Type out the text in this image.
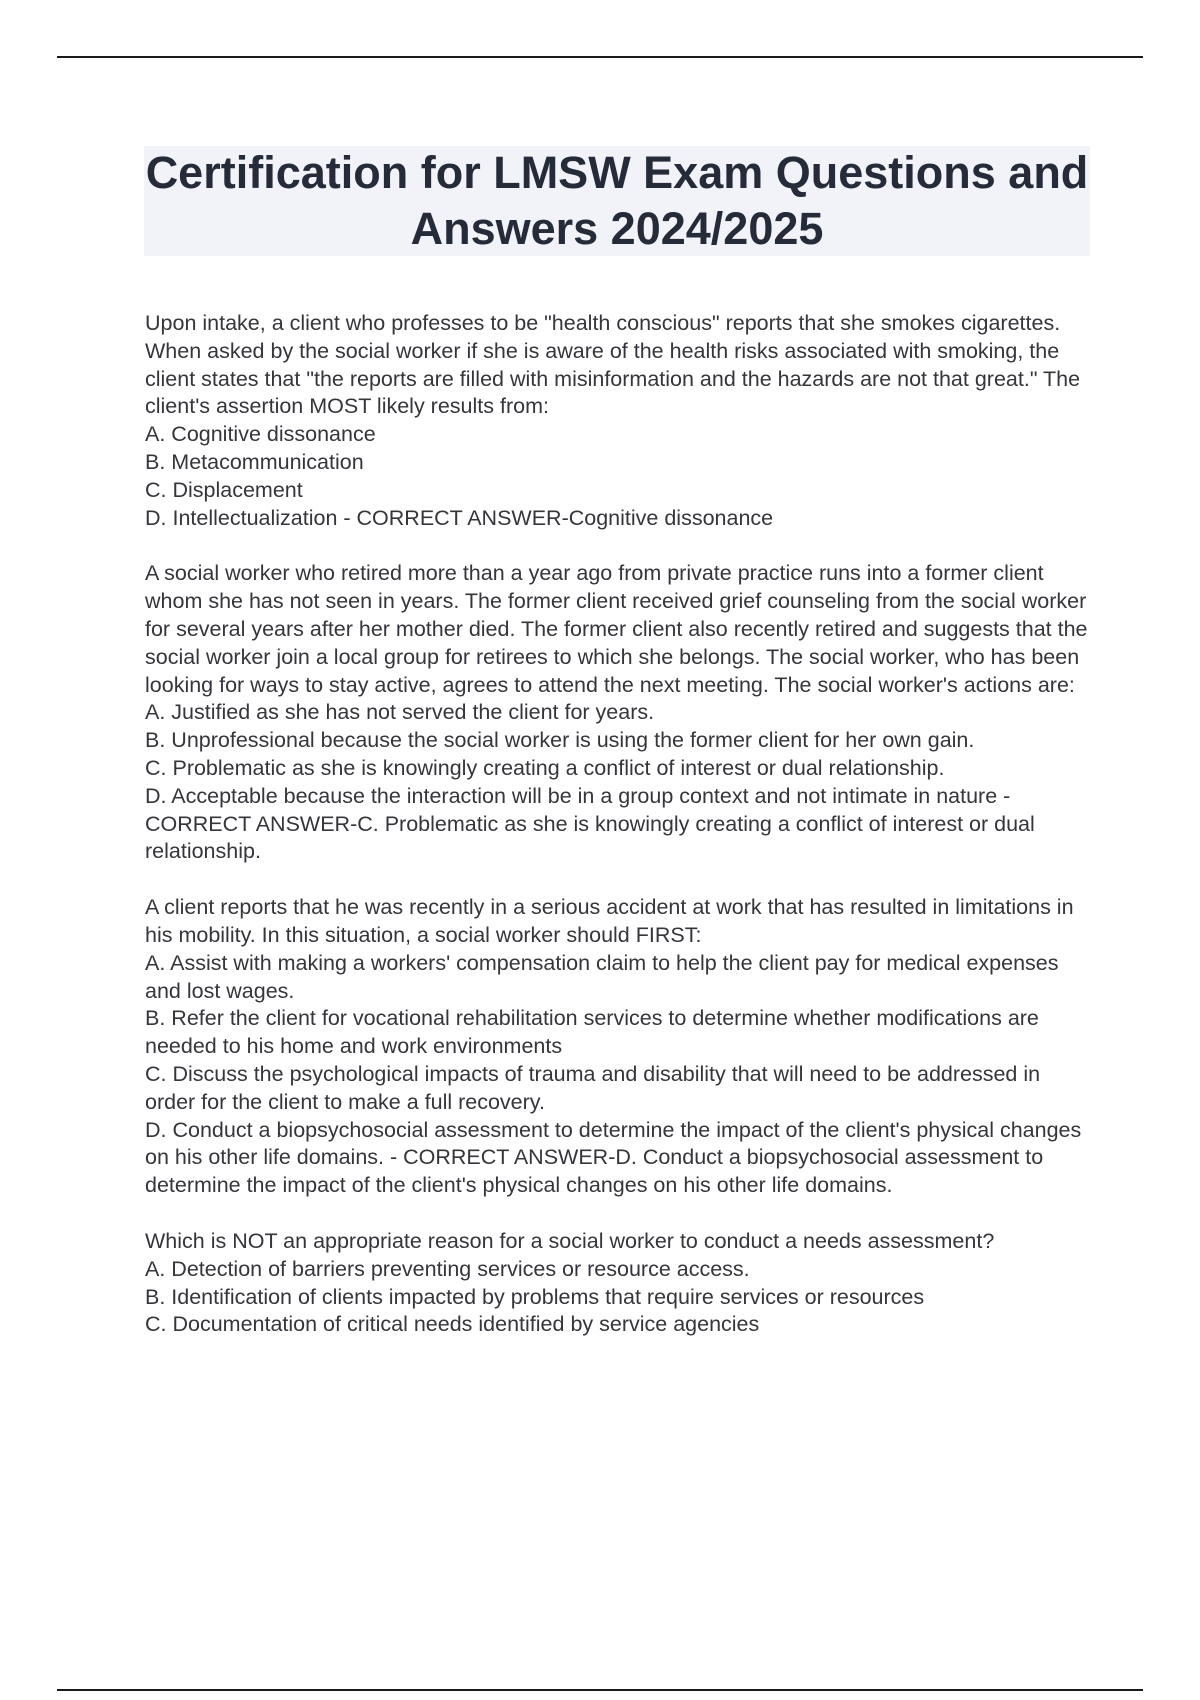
Certification for LMSW Exam Questions and Answers 2024/2025

Upon intake, a client who professes to be "health conscious" reports that she smokes cigarettes. When asked by the social worker if she is aware of the health risks associated with smoking, the client states that "the reports are filled with misinformation and the hazards are not that great." The client's assertion MOST likely results from:

A. Cognitive dissonance

B. Metacommunication

C. Displacement

D. Intellectualization - CORRECT ANSWER-Cognitive dissonance

A social worker who retired more than a year ago from private practice runs into a former client whom she has not seen in years. The former client received grief counseling from the social worker for several years after her mother died. The former client also recently retired and suggests that the social worker join a local group for retirees to which she belongs. The social worker, who has been looking for ways to stay active, agrees to attend the next meeting. The social worker's actions are:

A. Justified as she has not served the client for years.

B. Unprofessional because the social worker is using the former client for her own gain.

C. Problematic as she is knowingly creating a conflict of interest or dual relationship.

D. Acceptable because the interaction will be in a group context and not intimate in nature - CORRECT ANSWER-C. Problematic as she is knowingly creating a conflict of interest or dual relationship.

A client reports that he was recently in a serious accident at work that has resulted in limitations in his mobility. In this situation, a social worker should FIRST:

A. Assist with making a workers' compensation claim to help the client pay for medical expenses and lost wages.

B. Refer the client for vocational rehabilitation services to determine whether modifications are needed to his home and work environments

C. Discuss the psychological impacts of trauma and disability that will need to be addressed in order for the client to make a full recovery.

D. Conduct a biopsychosocial assessment to determine the impact of the client's physical changes on his other life domains. - CORRECT ANSWER-D. Conduct a biopsychosocial assessment to determine the impact of the client's physical changes on his other life domains.

Which is NOT an appropriate reason for a social worker to conduct a needs assessment?

A. Detection of barriers preventing services or resource access.

B. Identification of clients impacted by problems that require services or resources

C. Documentation of critical needs identified by service agencies
